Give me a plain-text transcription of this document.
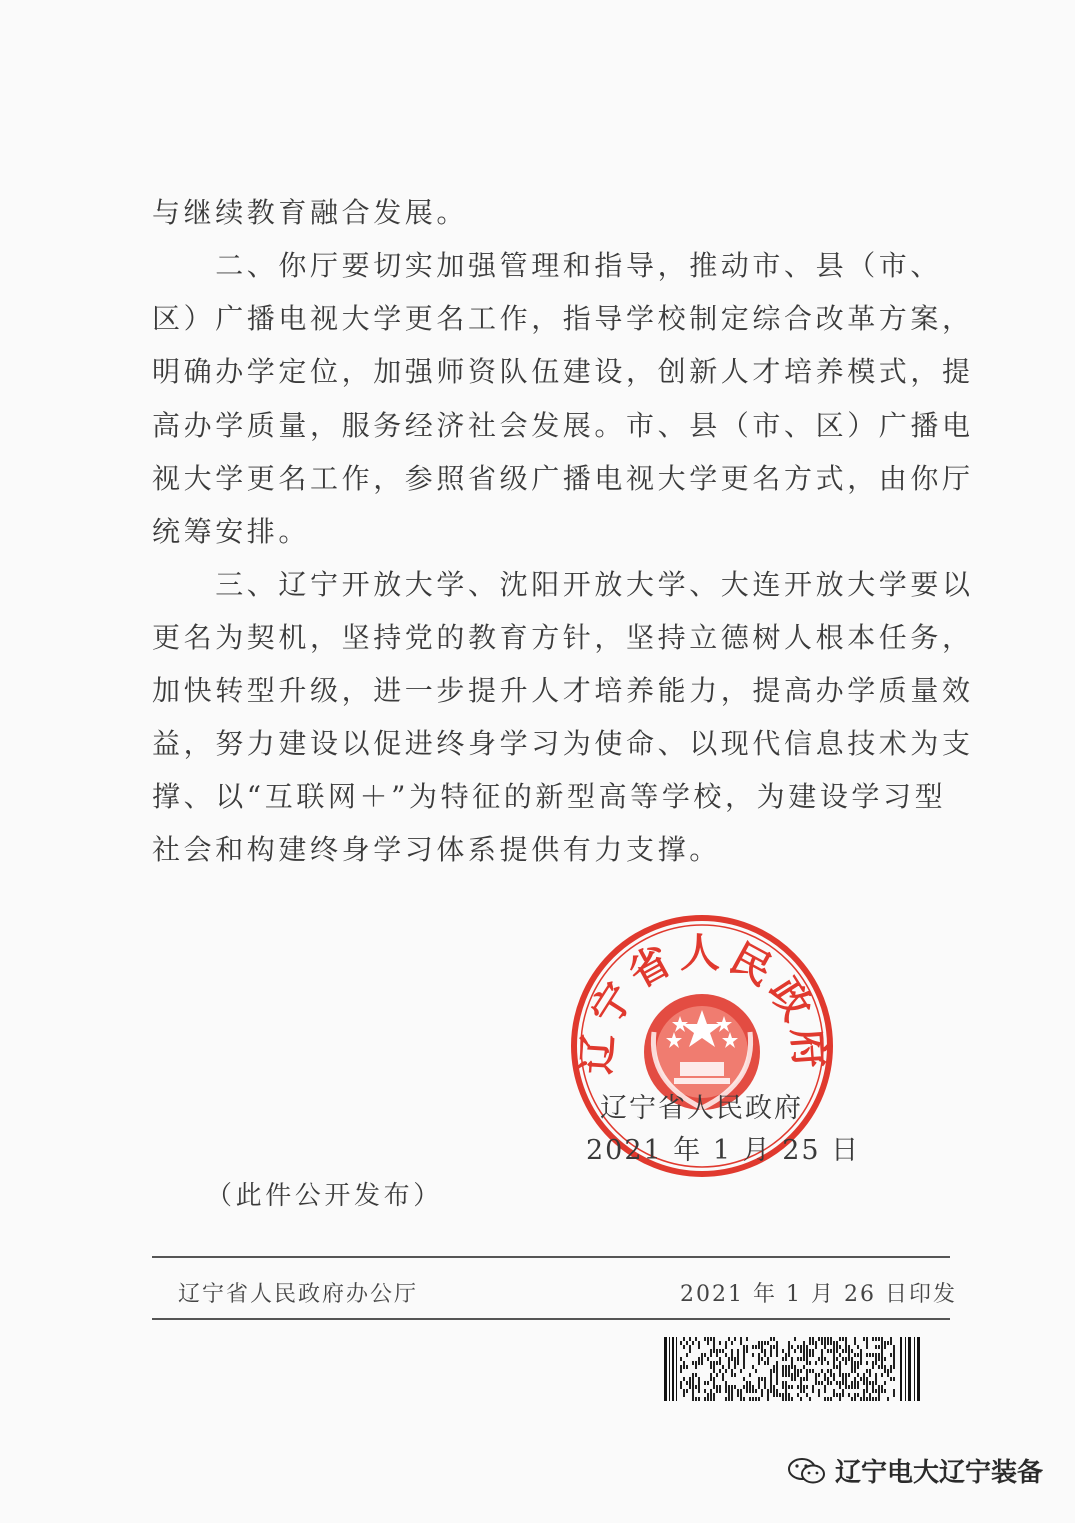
与继续教育融合发展。

　　二、你厅要切实加强管理和指导，推动市、县（市、

区）广播电视大学更名工作，指导学校制定综合改革方案，

明确办学定位，加强师资队伍建设，创新人才培养模式，提

高办学质量，服务经济社会发展。市、县（市、区）广播电

视大学更名工作，参照省级广播电视大学更名方式，由你厅

统筹安排。

　　三、辽宁开放大学、沈阳开放大学、大连开放大学要以

更名为契机，坚持党的教育方针，坚持立德树人根本任务，

加快转型升级，进一步提升人才培养能力，提高办学质量效

益，努力建设以促进终身学习为使命、以现代信息技术为支

撑、以“互联网＋”为特征的新型高等学校，为建设学习型

社会和构建终身学习体系提供有力支撑。

辽宁省人民政府
辽宁省人民政府
2021 年 1 月 25 日
（此件公开发布）
辽宁省人民政府办公厅	2021 年 1 月 26 日印发
辽宁电大辽宁装备
